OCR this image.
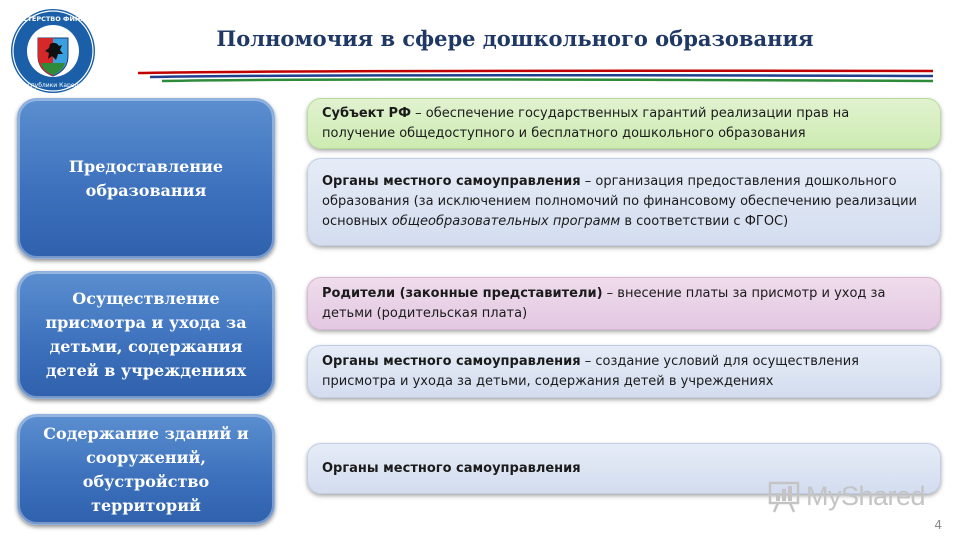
МИНИСТЕРСТВО ФИНАНСОВ
Республики Карелия
Полномочия в сфере дошкольного образования
Предоставление образования
Осуществление присмотра и ухода за детьми, содержания детей в учреждениях
Содержание зданий и сооружений, обустройство территорий
Субъект РФ – обеспечение государственных гарантий реализации прав на получение общедоступного и бесплатного дошкольного образования
Органы местного самоуправления – организация предоставления дошкольного образования (за исключением полномочий по финансовому обеспечению реализации основных общеобразовательных программ в соответствии с ФГОС)
Родители (законные представители) – внесение платы за присмотр и уход за детьми (родительская плата)
Органы местного самоуправления – создание условий для осуществления присмотра и ухода за детьми, содержания детей в учреждениях
Органы местного самоуправления
MyShared
4
